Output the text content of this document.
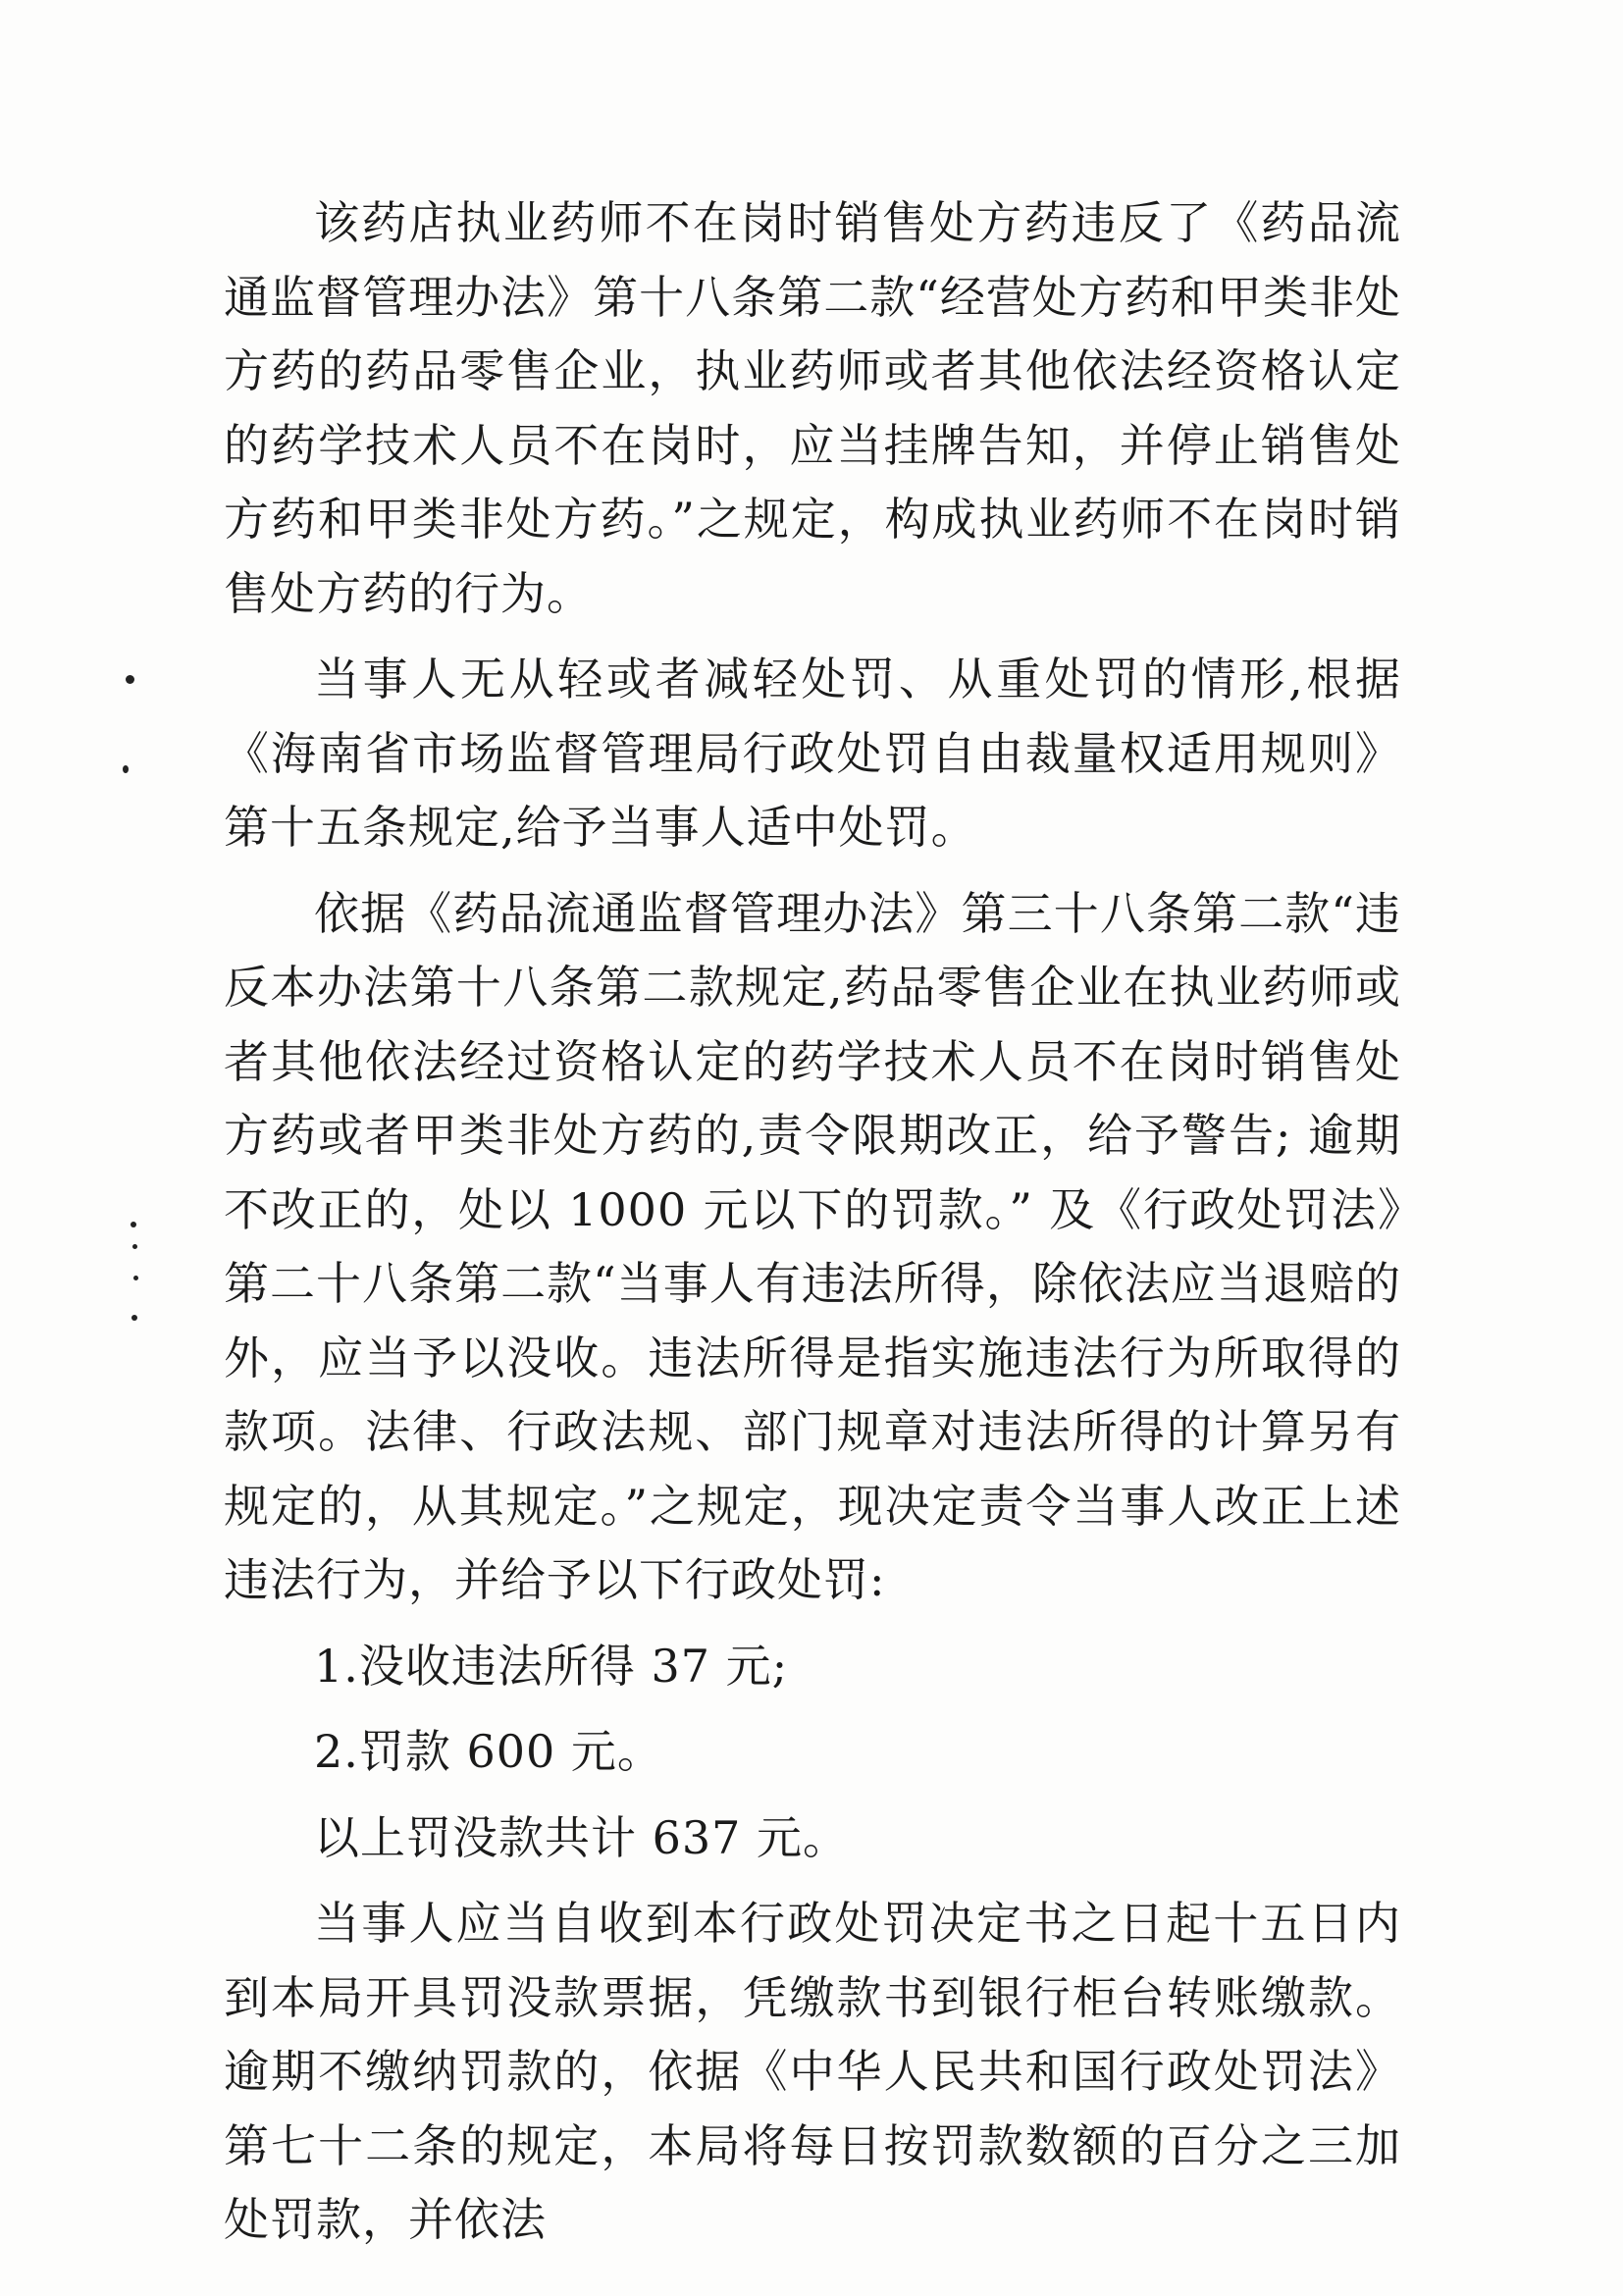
该药店执业药师不在岗时销售处方药违反了《药品流通监督管理办法》第十八条第二款“经营处方药和甲类非处方药的药品零售企业，执业药师或者其他依法经资格认定的药学技术人员不在岗时，应当挂牌告知，并停止销售处方药和甲类非处方药。”之规定，构成执业药师不在岗时销售处方药的行为。

当事人无从轻或者减轻处罚、从重处罚的情形,根据《海南省市场监督管理局行政处罚自由裁量权适用规则》第十五条规定,给予当事人适中处罚。

依据《药品流通监督管理办法》第三十八条第二款“违反本办法第十八条第二款规定,药品零售企业在执业药师或者其他依法经过资格认定的药学技术人员不在岗时销售处方药或者甲类非处方药的,责令限期改正，给予警告; 逾期不改正的，处以 1000 元以下的罚款。” 及《行政处罚法》第二十八条第二款“当事人有违法所得，除依法应当退赔的外，应当予以没收。违法所得是指实施违法行为所取得的款项。法律、行政法规、部门规章对违法所得的计算另有规定的，从其规定。”之规定，现决定责令当事人改正上述违法行为，并给予以下行政处罚:

1.没收违法所得 37 元;

2.罚款 600 元。

以上罚没款共计 637 元。

当事人应当自收到本行政处罚决定书之日起十五日内到本局开具罚没款票据，凭缴款书到银行柜台转账缴款。逾期不缴纳罚款的，依据《中华人民共和国行政处罚法》第七十二条的规定，本局将每日按罚款数额的百分之三加处罚款，并依法
